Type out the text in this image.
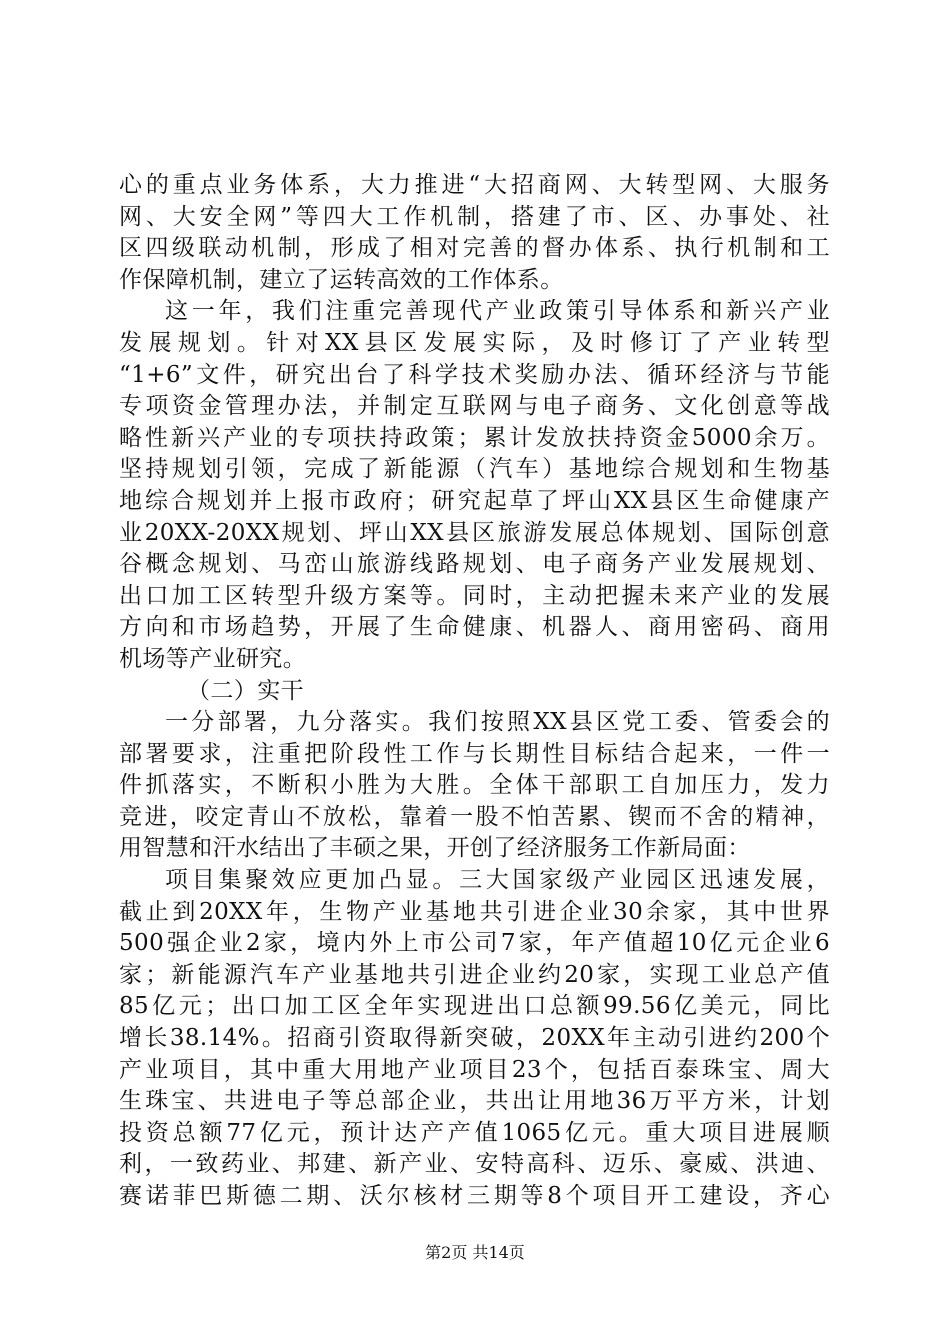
心的重点业务体系，大力推进“大招商网、大转型网、大服务
网、大安全网”等四大工作机制，搭建了市、区、办事处、社
区四级联动机制，形成了相对完善的督办体系、执行机制和工
作保障机制，建立了运转高效的工作体系。
这一年，我们注重完善现代产业政策引导体系和新兴产业
发展规划。针对XX县区发展实际，及时修订了产业转型
“1+6”文件，研究出台了科学技术奖励办法、循环经济与节能
专项资金管理办法，并制定互联网与电子商务、文化创意等战
略性新兴产业的专项扶持政策；累计发放扶持资金5000余万。
坚持规划引领，完成了新能源（汽车）基地综合规划和生物基
地综合规划并上报市政府；研究起草了坪山XX县区生命健康产
业20XX-20XX规划、坪山XX县区旅游发展总体规划、国际创意
谷概念规划、马峦山旅游线路规划、电子商务产业发展规划、
出口加工区转型升级方案等。同时，主动把握未来产业的发展
方向和市场趋势，开展了生命健康、机器人、商用密码、商用
机场等产业研究。
（二）实干
一分部署，九分落实。我们按照XX县区党工委、管委会的
部署要求，注重把阶段性工作与长期性目标结合起来，一件一
件抓落实，不断积小胜为大胜。全体干部职工自加压力，发力
竞进，咬定青山不放松，靠着一股不怕苦累、锲而不舍的精神，
用智慧和汗水结出了丰硕之果，开创了经济服务工作新局面：
项目集聚效应更加凸显。三大国家级产业园区迅速发展，
截止到20XX年，生物产业基地共引进企业30余家，其中世界
500强企业2家，境内外上市公司7家，年产值超10亿元企业6
家；新能源汽车产业基地共引进企业约20家，实现工业总产值
85亿元；出口加工区全年实现进出口总额99.56亿美元，同比
增长38.14%。招商引资取得新突破，20XX年主动引进约200个
产业项目，其中重大用地产业项目23个，包括百泰珠宝、周大
生珠宝、共进电子等总部企业，共出让用地36万平方米，计划
投资总额77亿元，预计达产产值1065亿元。重大项目进展顺
利，一致药业、邦建、新产业、安特高科、迈乐、豪威、洪迪、
赛诺菲巴斯德二期、沃尔核材三期等8个项目开工建设，齐心
第2页 共14页
